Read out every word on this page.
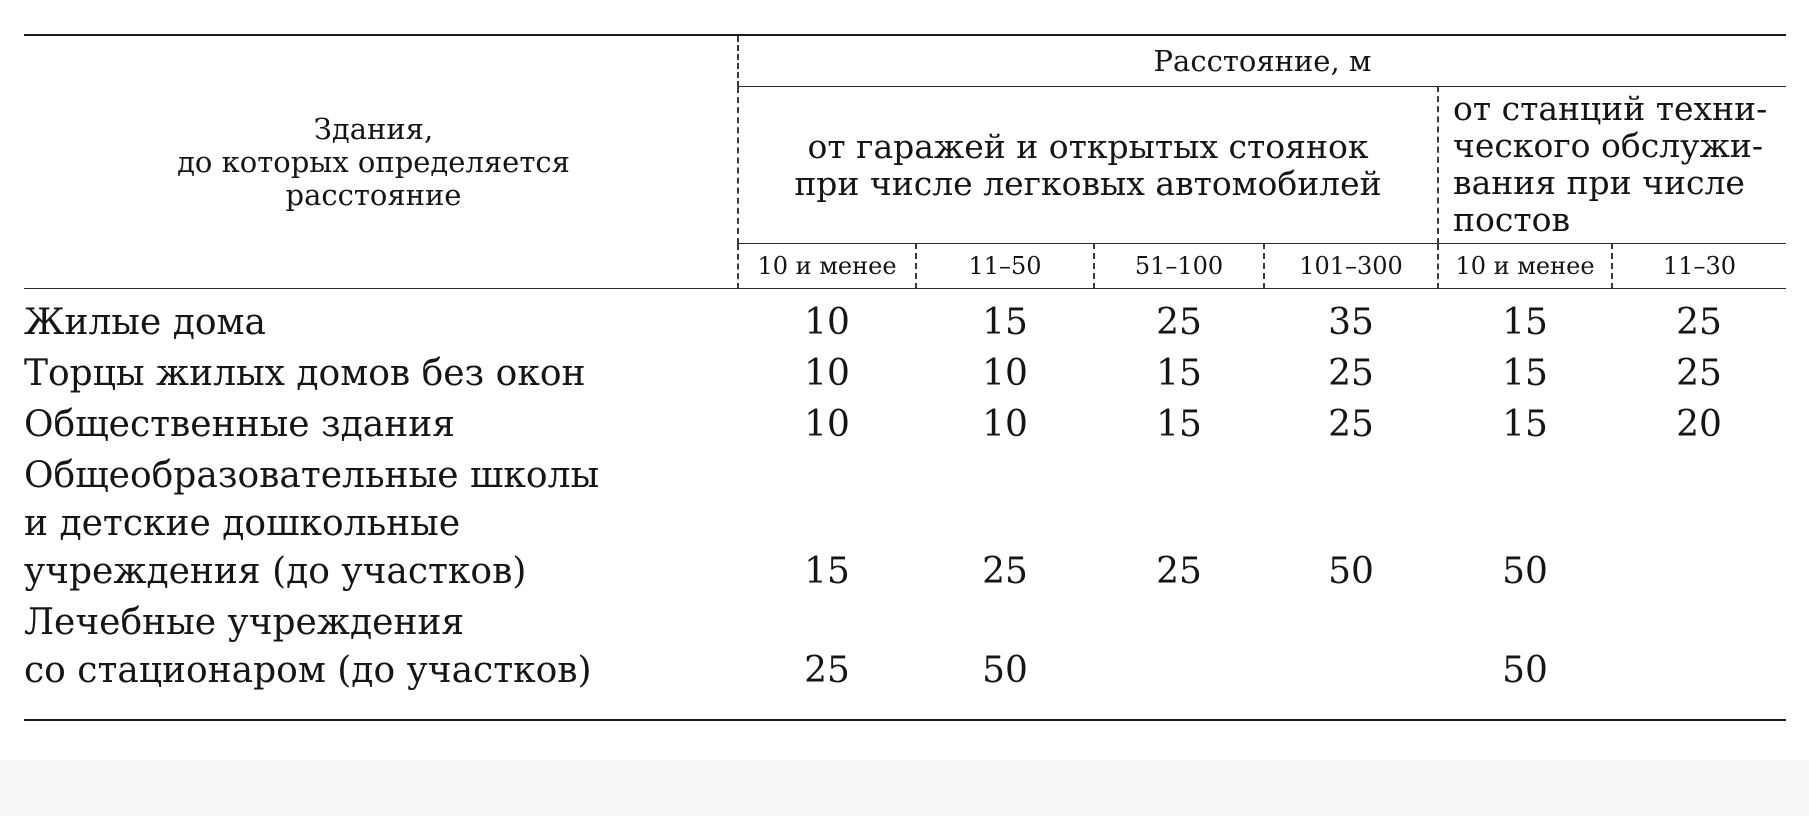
Здания,
до которых определяется
расстояние	Расстояние, м					
	от гаражей и открытых стоянок
при числе легковых автомобилей				от станций техни-
ческого обслужи-
вания при числе
постов	
	10 и менее	11–50	51–100	101–300	10 и менее	11–30
Жилые дома	10	15	25	35	15	25
Торцы жилых домов без окон	10	10	15	25	15	25
Общественные здания	10	10	15	25	15	20
Общеобразовательные школы
и детские дошкольные
учреждения (до участков)	15	25	25	50	50	
Лечебные учреждения
со стационаром (до участков)	25	50			50	
